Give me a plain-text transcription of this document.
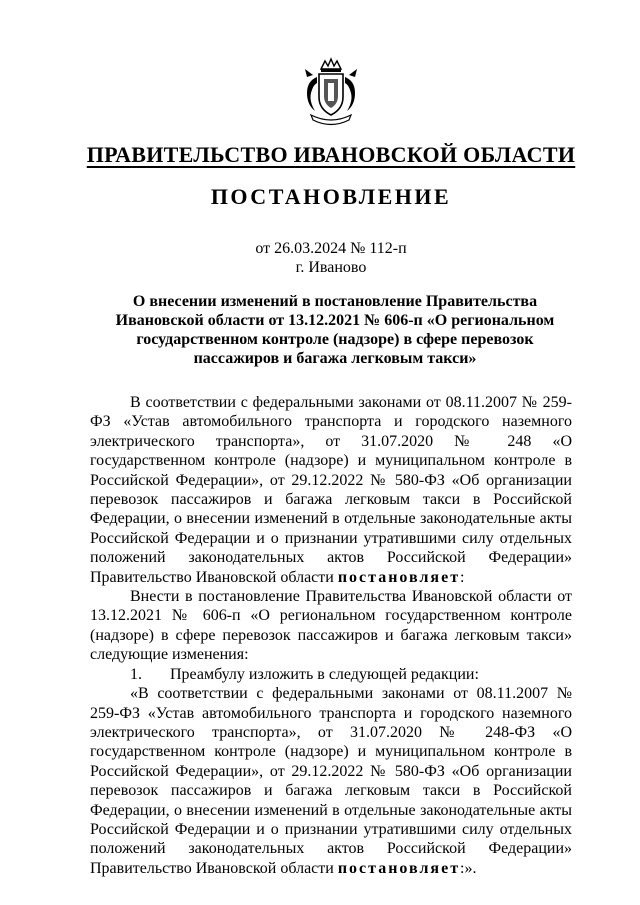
ПРАВИТЕЛЬСТВО ИВАНОВСКОЙ ОБЛАСТИ
ПОСТАНОВЛЕНИЕ
от 26.03.2024 № 112-п
г. Иваново
О внесении изменений в постановление Правительства Ивановской области от 13.12.2021 № 606-п «О региональном государственном контроле (надзоре) в сфере перевозок пассажиров и багажа легковым такси»

В соответствии с федеральными законами от 08.11.2007 № 259-ФЗ «Устав автомобильного транспорта и городского наземного электрического транспорта», от 31.07.2020 № 248 «О государственном контроле (надзоре) и муниципальном контроле в Российской Федерации», от 29.12.2022 № 580-ФЗ «Об организации перевозок пассажиров и багажа легковым такси в Российской Федерации, о внесении изменений в отдельные законодательные акты Российской Федерации и о признании утратившими силу отдельных положений законодательных актов Российской Федерации» Правительство Ивановской области постановляет:

Внести в постановление Правительства Ивановской области от 13.12.2021 № 606-п «О региональном государственном контроле (надзоре) в сфере перевозок пассажиров и багажа легковым такси» следующие изменения:

1. Преамбулу изложить в следующей редакции:

«В соответствии с федеральными законами от 08.11.2007 № 259-ФЗ «Устав автомобильного транспорта и городского наземного электрического транспорта», от 31.07.2020 № 248-ФЗ «О государственном контроле (надзоре) и муниципальном контроле в Российской Федерации», от 29.12.2022 № 580-ФЗ «Об организации перевозок пассажиров и багажа легковым такси в Российской Федерации, о внесении изменений в отдельные законодательные акты Российской Федерации и о признании утратившими силу отдельных положений законодательных актов Российской Федерации» Правительство Ивановской области постановляет:».
